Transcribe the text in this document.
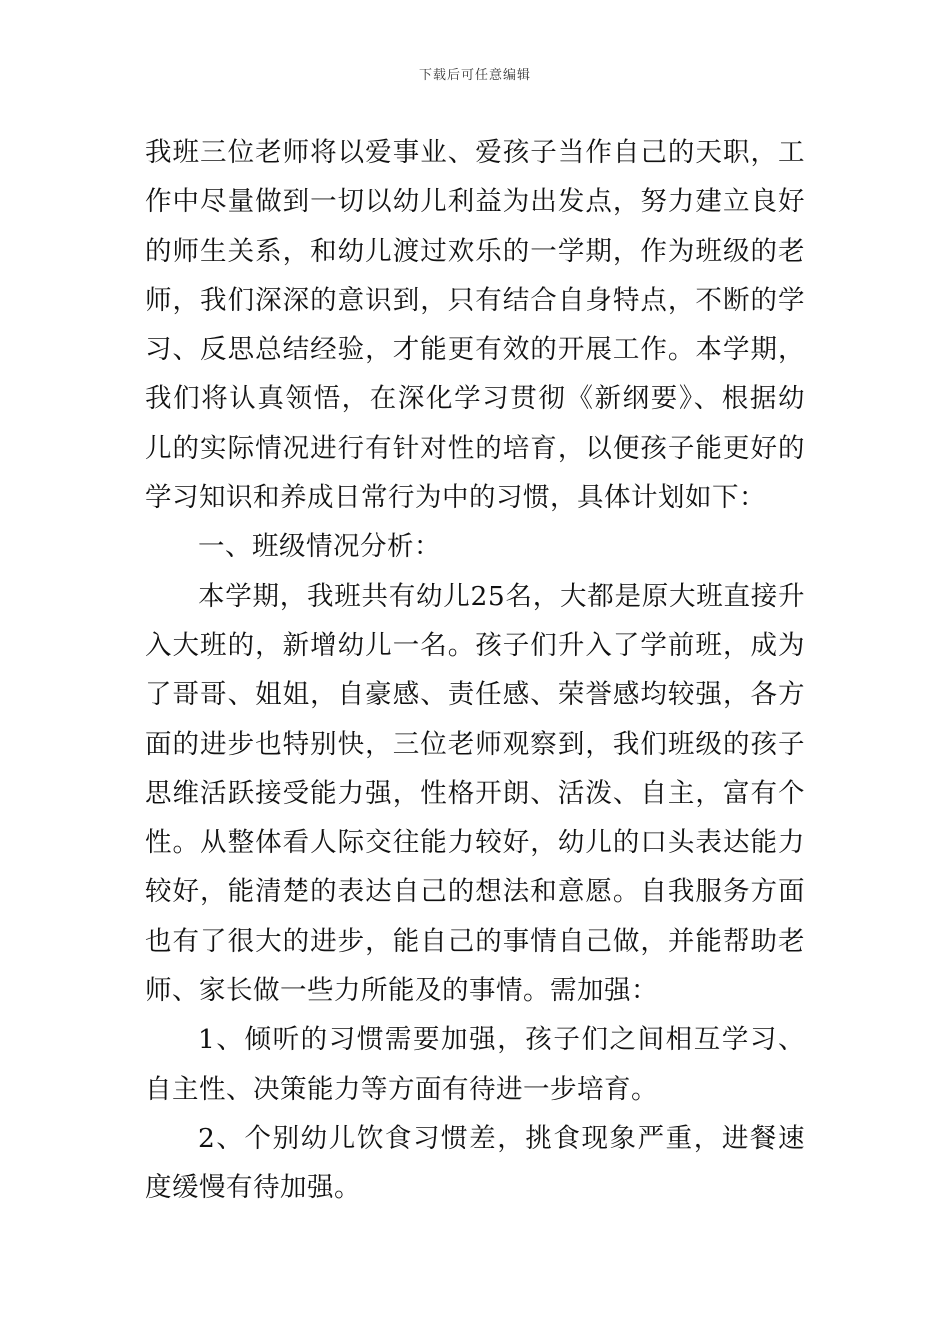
下载后可任意编辑

我班三位老师将以爱事业、爱孩子当作自己的天职，工作中尽量做到一切以幼儿利益为出发点，努力建立良好的师生关系，和幼儿渡过欢乐的一学期，作为班级的老师，我们深深的意识到，只有结合自身特点，不断的学习、反思总结经验，才能更有效的开展工作。本学期，我们将认真领悟，在深化学习贯彻《新纲要》、根据幼儿的实际情况进行有针对性的培育，以便孩子能更好的学习知识和养成日常行为中的习惯，具体计划如下：

一、班级情况分析：

本学期，我班共有幼儿25名，大都是原大班直接升入大班的，新增幼儿一名。孩子们升入了学前班，成为了哥哥、姐姐，自豪感、责任感、荣誉感均较强，各方面的进步也特别快，三位老师观察到，我们班级的孩子思维活跃接受能力强，性格开朗、活泼、自主，富有个性。从整体看人际交往能力较好，幼儿的口头表达能力较好，能清楚的表达自己的想法和意愿。自我服务方面也有了很大的进步，能自己的事情自己做，并能帮助老师、家长做一些力所能及的事情。需加强：

1、倾听的习惯需要加强，孩子们之间相互学习、自主性、决策能力等方面有待进一步培育。

2、个别幼儿饮食习惯差，挑食现象严重，进餐速度缓慢有待加强。
